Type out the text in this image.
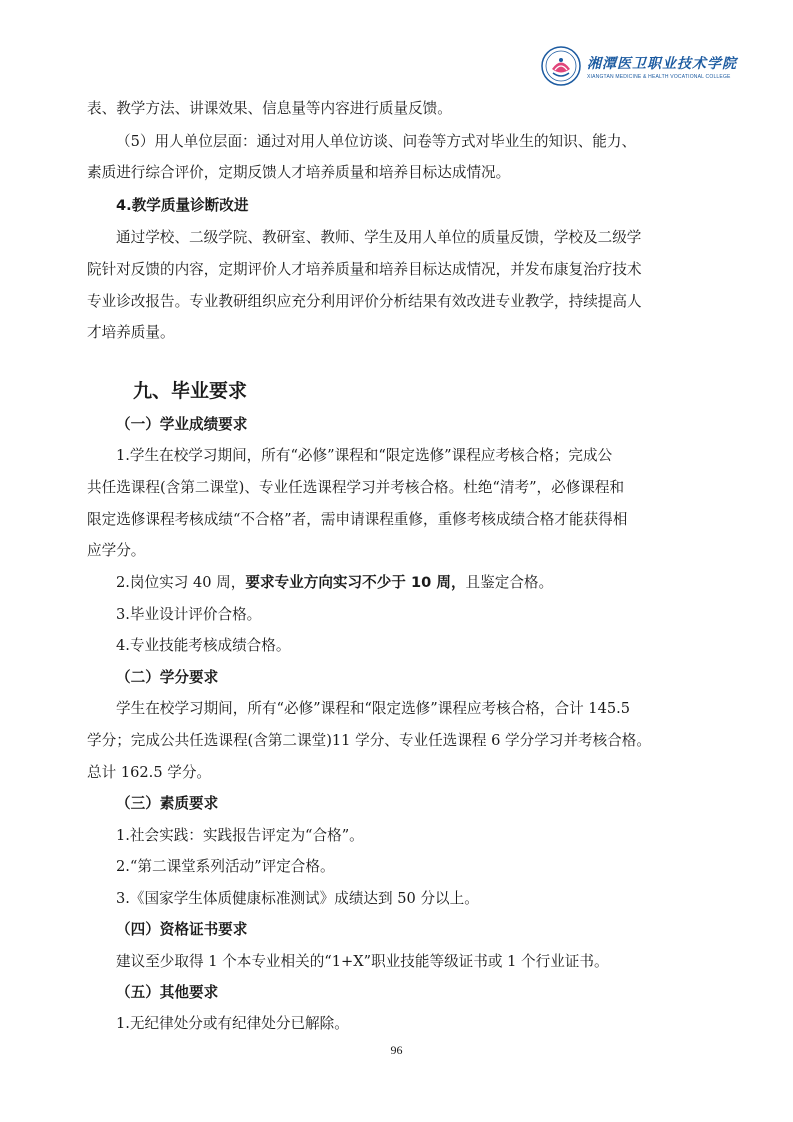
湘潭医卫职业技术学院
XIANGTAN MEDICINE & HEALTH VOCATIONAL COLLEGE
表、教学方法、讲课效果、信息量等内容进行质量反馈。
（5）用人单位层面：通过对用人单位访谈、问卷等方式对毕业生的知识、能力、
素质进行综合评价，定期反馈人才培养质量和培养目标达成情况。
4.教学质量诊断改进
通过学校、二级学院、教研室、教师、学生及用人单位的质量反馈，学校及二级学
院针对反馈的内容，定期评价人才培养质量和培养目标达成情况，并发布康复治疗技术
专业诊改报告。专业教研组织应充分利用评价分析结果有效改进专业教学，持续提高人
才培养质量。
九、毕业要求
（一）学业成绩要求
1.学生在校学习期间，所有“必修”课程和“限定选修”课程应考核合格；完成公
共任选课程(含第二课堂)、专业任选课程学习并考核合格。杜绝“清考”，必修课程和
限定选修课程考核成绩“不合格”者，需申请课程重修，重修考核成绩合格才能获得相
应学分。
2.岗位实习 40 周，要求专业方向实习不少于 10 周，且鉴定合格。
3.毕业设计评价合格。
4.专业技能考核成绩合格。
（二）学分要求
学生在校学习期间，所有“必修”课程和“限定选修”课程应考核合格，合计 145.5
学分；完成公共任选课程(含第二课堂)11 学分、专业任选课程 6 学分学习并考核合格。
总计 162.5 学分。
（三）素质要求
1.社会实践：实践报告评定为“合格”。
2.“第二课堂系列活动”评定合格。
3.《国家学生体质健康标准测试》成绩达到 50 分以上。
（四）资格证书要求
建议至少取得 1 个本专业相关的“1+X”职业技能等级证书或 1 个行业证书。
（五）其他要求
1.无纪律处分或有纪律处分已解除。
96
